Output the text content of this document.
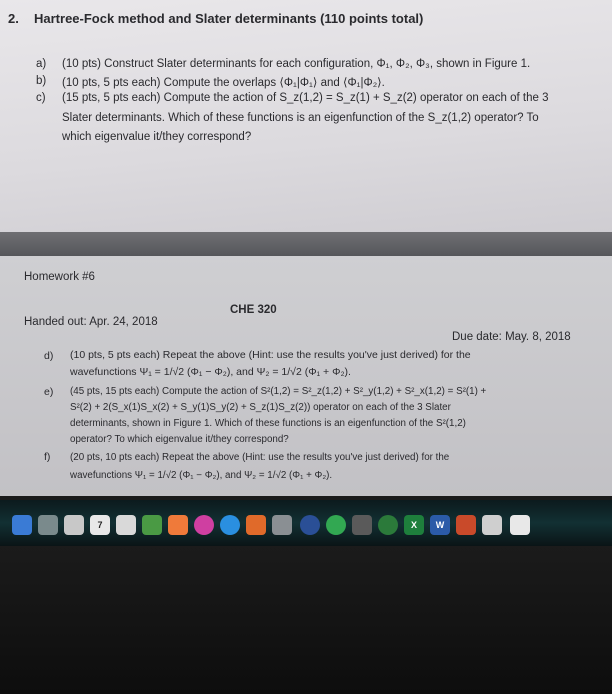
2. Hartree-Fock method and Slater determinants (110 points total)
a) (10 pts) Construct Slater determinants for each configuration, Φ₁, Φ₂, Φ₃, shown in Figure 1.
b) (10 pts, 5 pts each) Compute the overlaps ⟨Φ₁|Φ₁⟩ and ⟨Φ₁|Φ₂⟩.
c) (15 pts, 5 pts each) Compute the action of S_z(1,2) = S_z(1) + S_z(2) operator on each of the 3
Slater determinants. Which of these functions is an eigenfunction of the S_z(1,2) operator? To
which eigenvalue it/they correspond?
Homework #6
CHE 320
Handed out: Apr. 24, 2018
Due date: May. 8, 2018
d) (10 pts, 5 pts each) Repeat the above (Hint: use the results you've just derived) for the
wavefunctions Ψ₁ = 1/√2 (Φ₁ − Φ₂), and Ψ₂ = 1/√2 (Φ₁ + Φ₂).
e) (45 pts, 15 pts each) Compute the action of S²(1,2) = S²_z(1,2) + S²_y(1,2) + S²_x(1,2) = S²(1) +
S²(2) + 2(S_x(1)S_x(2) + S_y(1)S_y(2) + S_z(1)S_z(2)) operator on each of the 3 Slater
determinants, shown in Figure 1. Which of these functions is an eigenfunction of the S²(1,2)
operator? To which eigenvalue it/they correspond?
f) (20 pts, 10 pts each) Repeat the above (Hint: use the results you've just derived) for the
wavefunctions Ψ₁ = 1/√2 (Φ₁ − Φ₂), and Ψ₂ = 1/√2 (Φ₁ + Φ₂).
7	X	W
